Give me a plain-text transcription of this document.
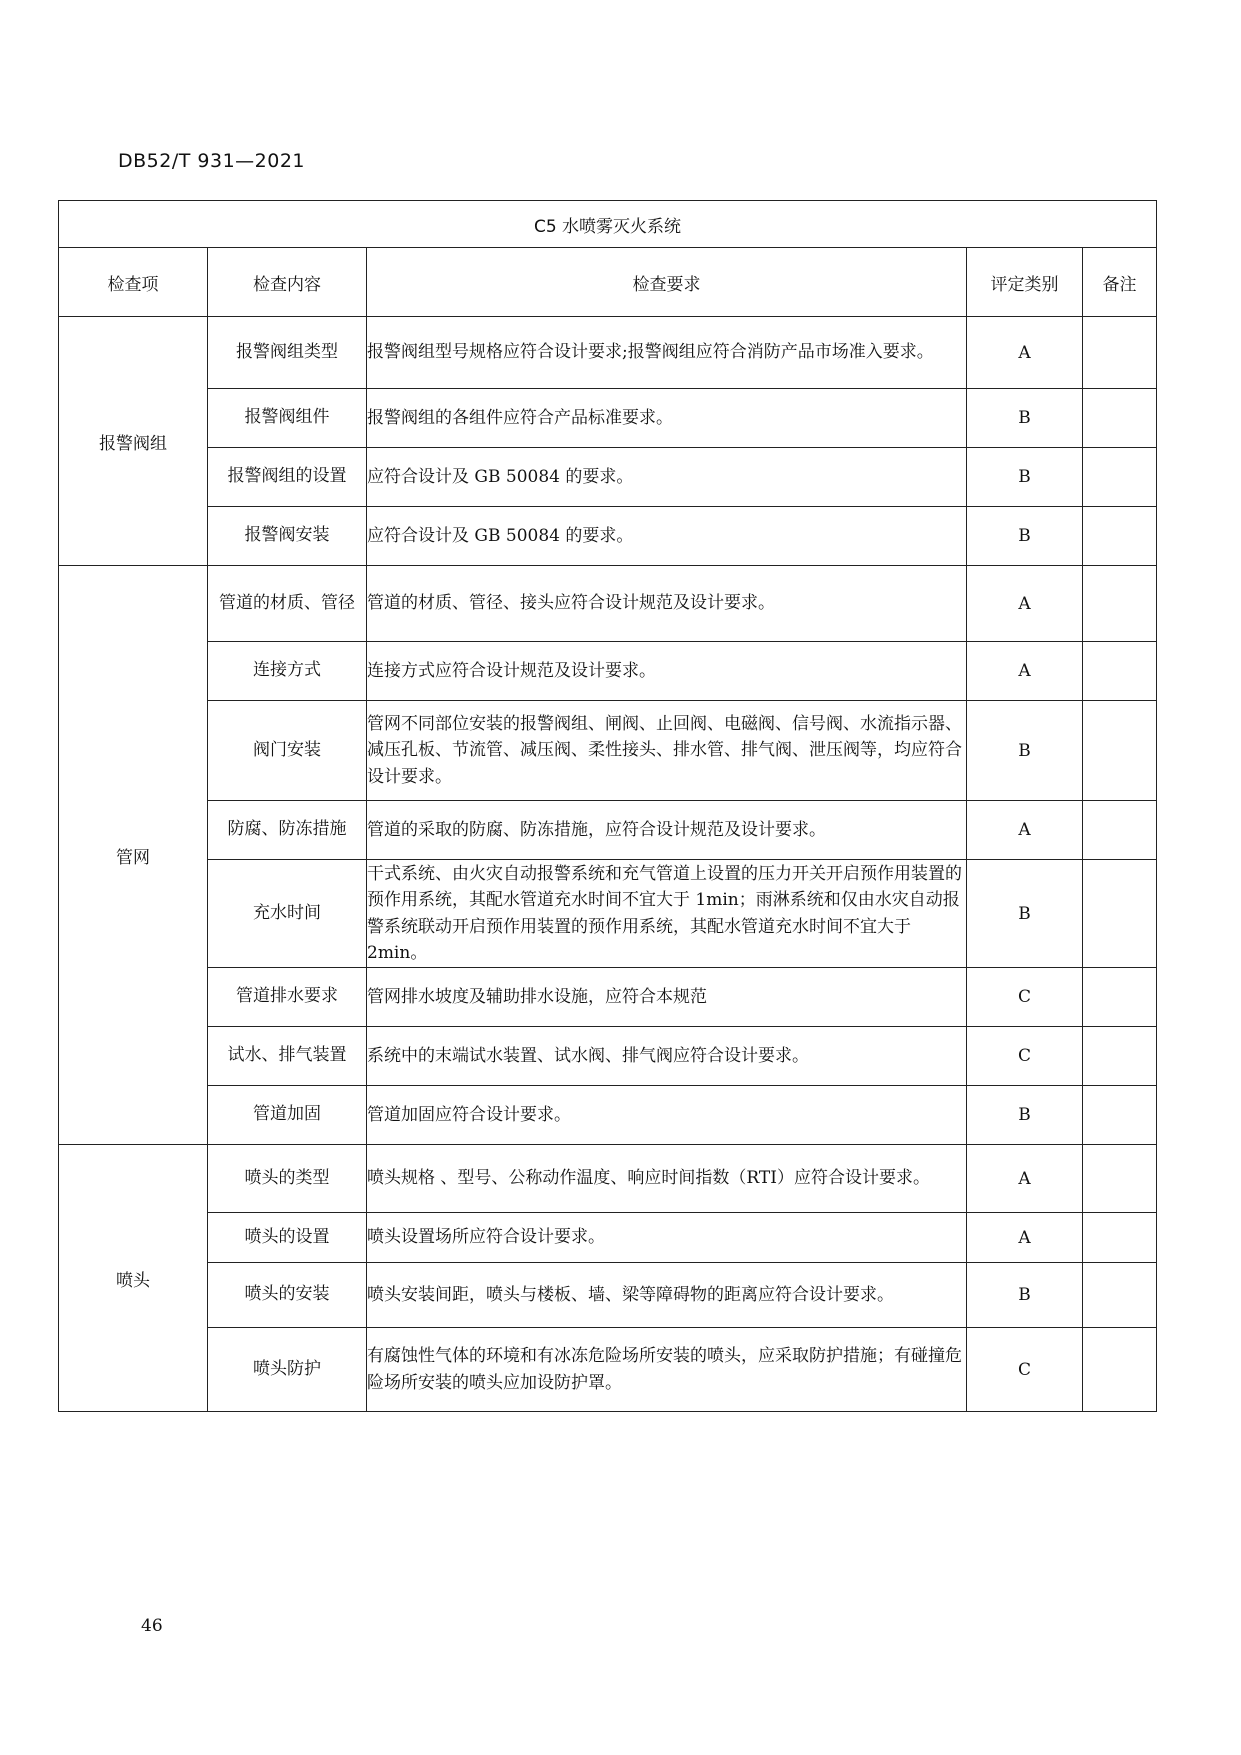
DB52/T 931—2021
C5 水喷雾灭火系统				
检查项	检查内容	检查要求	评定类别	备注
报警阀组	报警阀组类型	报警阀组型号规格应符合设计要求;报警阀组应符合消防产品市场准入要求。	A	
	报警阀组件	报警阀组的各组件应符合产品标准要求。	B	
	报警阀组的设置	应符合设计及 GB 50084 的要求。	B	
	报警阀安装	应符合设计及 GB 50084 的要求。	B	
管网	管道的材质、管径	管道的材质、管径、接头应符合设计规范及设计要求。	A	
	连接方式	连接方式应符合设计规范及设计要求。	A	
	阀门安装	管网不同部位安装的报警阀组、闸阀、止回阀、电磁阀、信号阀、水流指示器、减压孔板、节流管、减压阀、柔性接头、排水管、排气阀、泄压阀等，均应符合设计要求。	B	
	防腐、防冻措施	管道的采取的防腐、防冻措施，应符合设计规范及设计要求。	A	
	充水时间	干式系统、由火灾自动报警系统和充气管道上设置的压力开关开启预作用装置的预作用系统，其配水管道充水时间不宜大于 1min；雨淋系统和仅由水灾自动报警系统联动开启预作用装置的预作用系统，其配水管道充水时间不宜大于 2min。	B	
	管道排水要求	管网排水坡度及辅助排水设施，应符合本规范	C	
	试水、排气装置	系统中的末端试水装置、试水阀、排气阀应符合设计要求。	C	
	管道加固	管道加固应符合设计要求。	B	
喷头	喷头的类型	喷头规格 、型号、公称动作温度、响应时间指数（RTI）应符合设计要求。	A	
	喷头的设置	喷头设置场所应符合设计要求。	A	
	喷头的安装	喷头安装间距，喷头与楼板、墙、梁等障碍物的距离应符合设计要求。	B	
	喷头防护	有腐蚀性气体的环境和有冰冻危险场所安装的喷头，应采取防护措施；有碰撞危险场所安装的喷头应加设防护罩。	C	
46
